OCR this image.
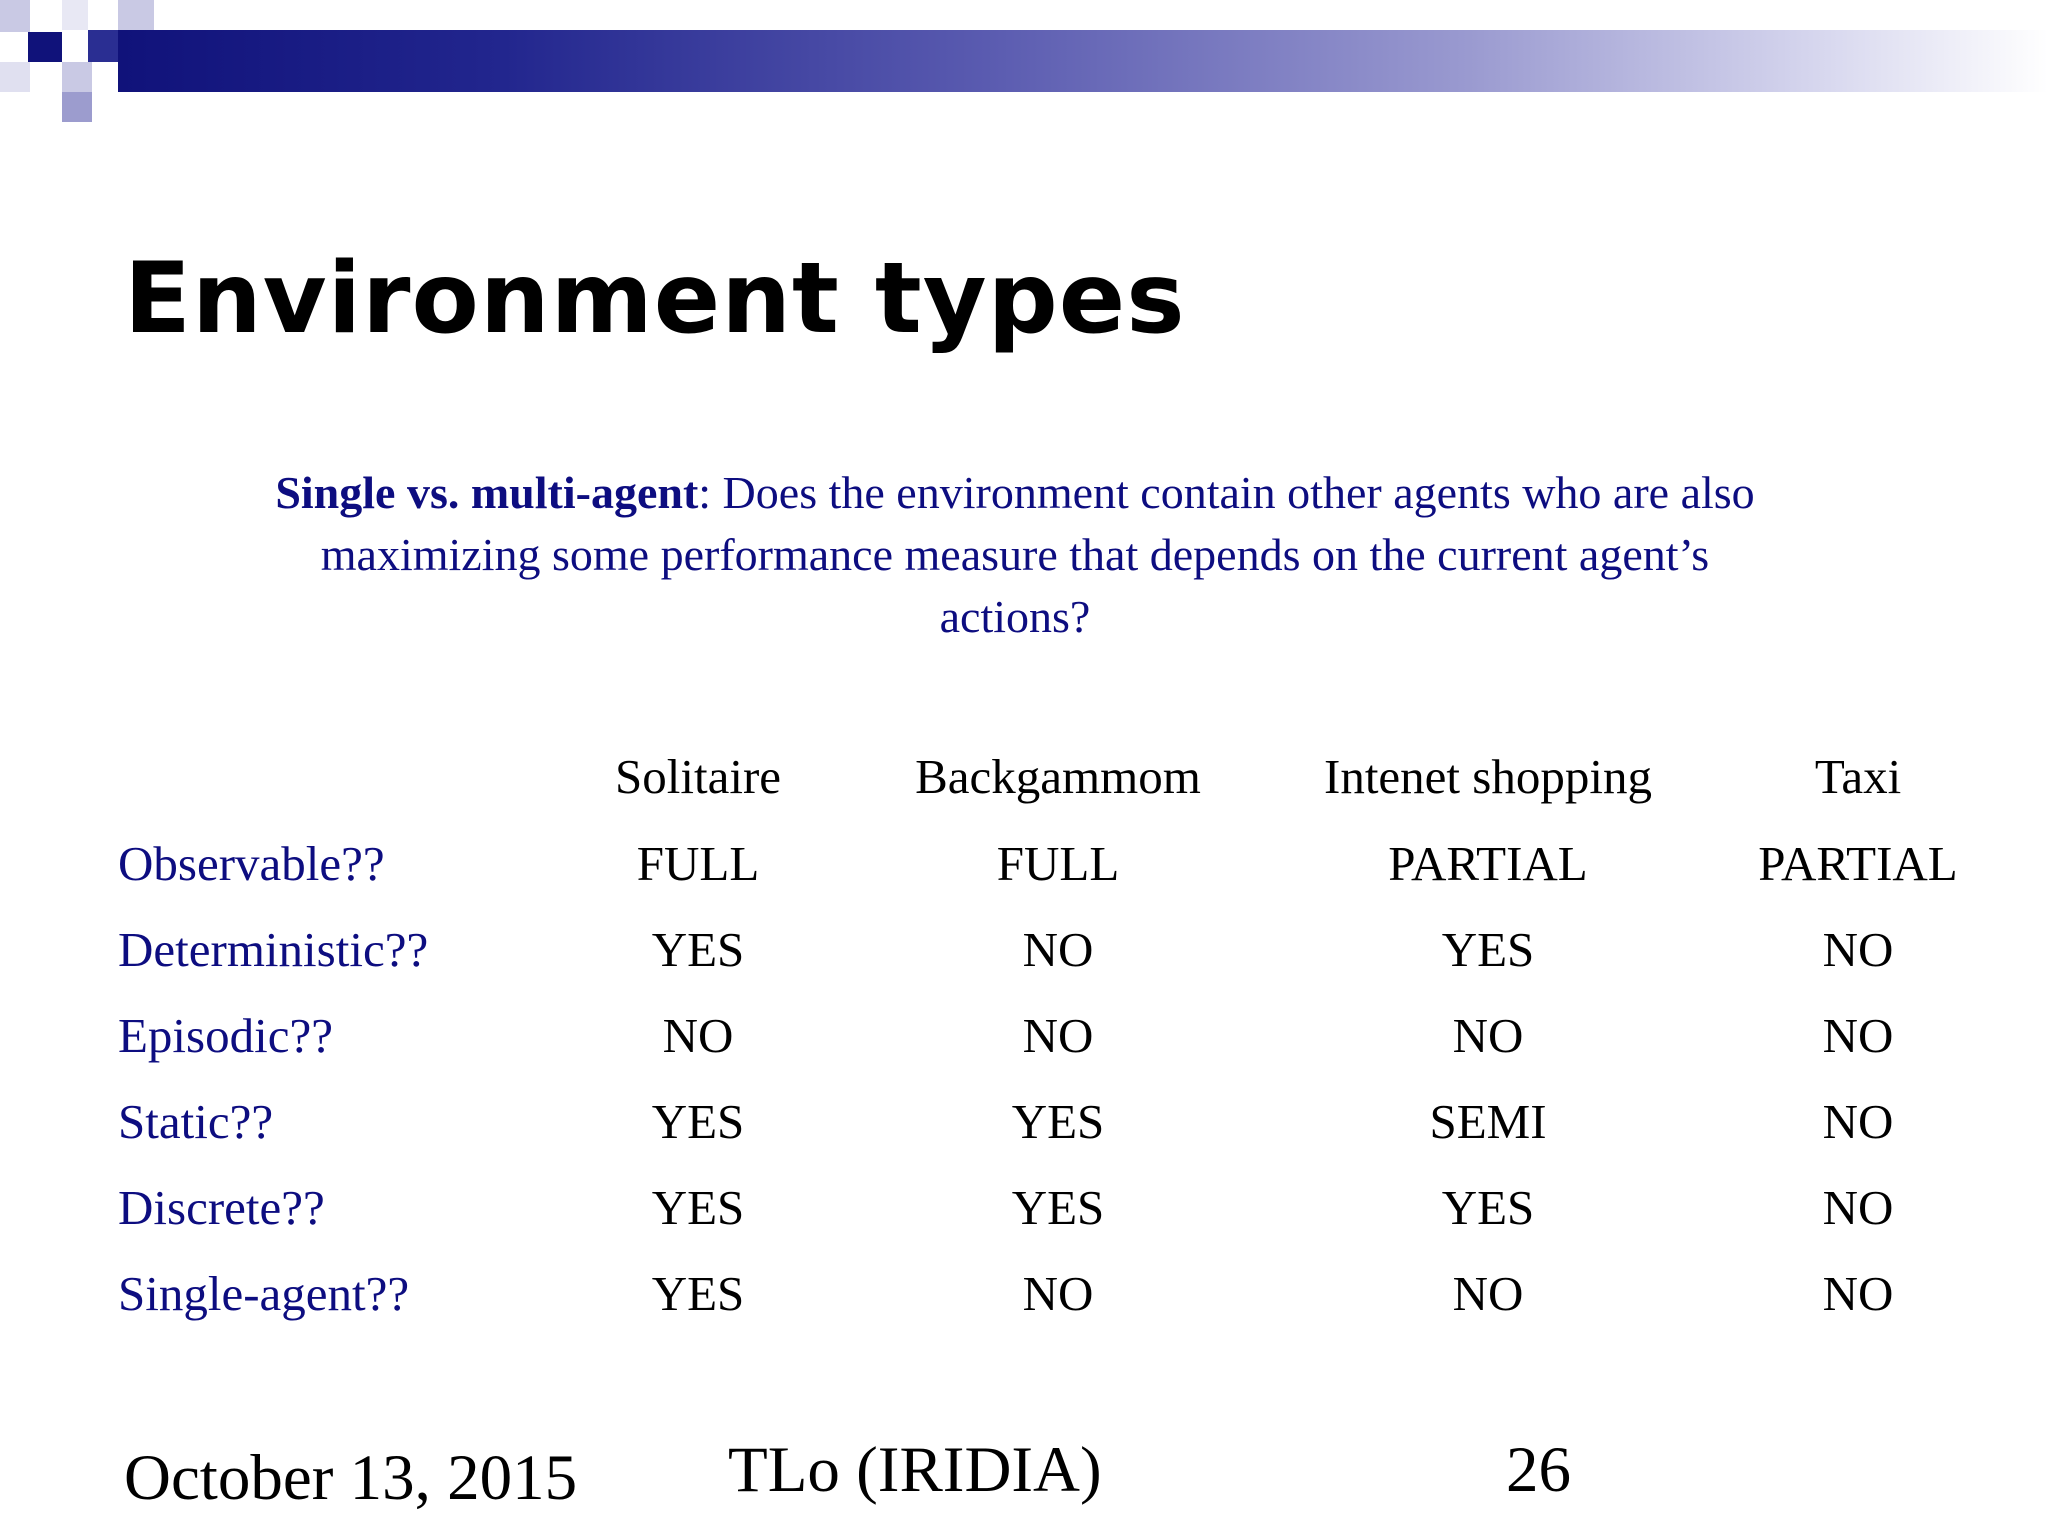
Environment types
Single vs. multi-agent: Does the environment contain other agents who are also maximizing some performance measure that depends on the current agent’s actions?
	Solitaire	Backgammom	Intenet shopping	Taxi
Observable??	FULL	FULL	PARTIAL	PARTIAL
Deterministic??	YES	NO	YES	NO
Episodic??	NO	NO	NO	NO
Static??	YES	YES	SEMI	NO
Discrete??	YES	YES	YES	NO
Single-agent??	YES	NO	NO	NO
October 13, 2015 TLo (IRIDIA)	26
